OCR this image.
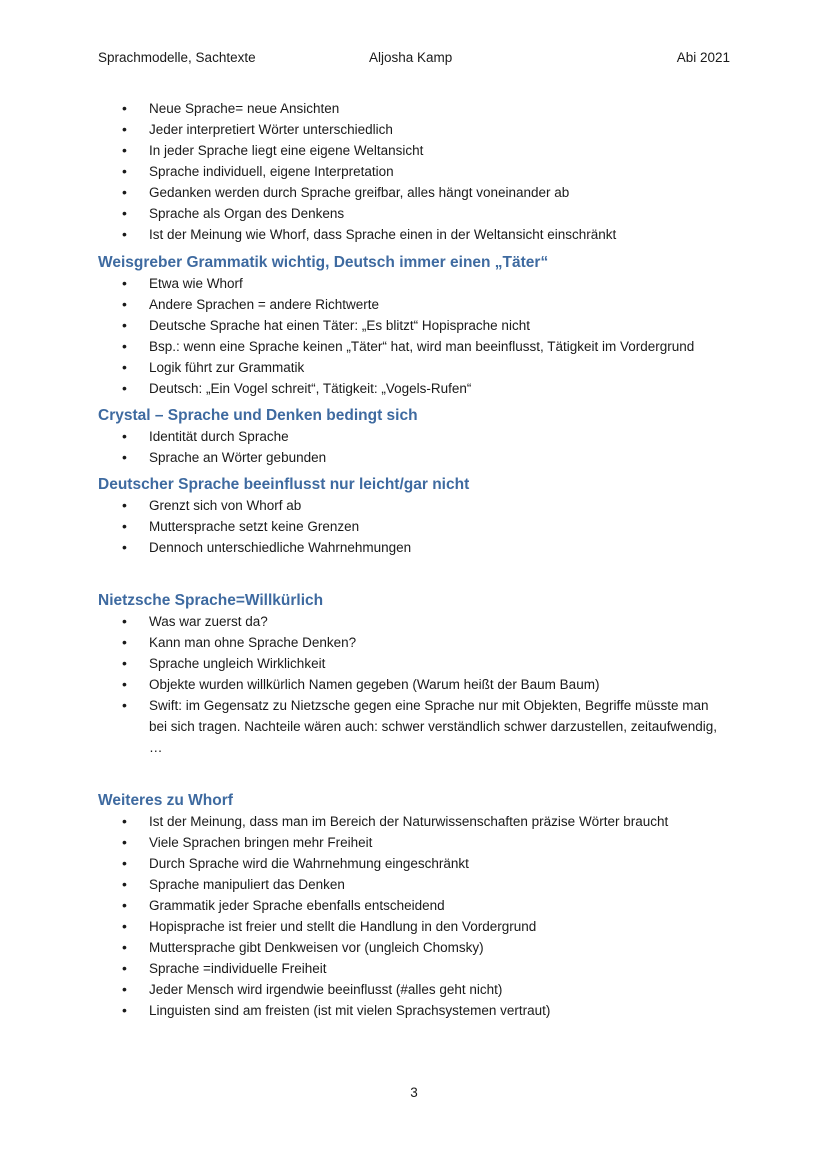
Sprachmodelle, Sachtexte	Aljosha Kamp	Abi 2021
• Neue Sprache= neue Ansichten
• Jeder interpretiert Wörter unterschiedlich
• In jeder Sprache liegt eine eigene Weltansicht
• Sprache individuell, eigene Interpretation
• Gedanken werden durch Sprache greifbar, alles hängt voneinander ab
• Sprache als Organ des Denkens
• Ist der Meinung wie Whorf, dass Sprache einen in der Weltansicht einschränkt
Weisgreber Grammatik wichtig, Deutsch immer einen „Täter“
• Etwa wie Whorf
• Andere Sprachen = andere Richtwerte
• Deutsche Sprache hat einen Täter: „Es blitzt“ Hopisprache nicht
• Bsp.: wenn eine Sprache keinen „Täter“ hat, wird man beeinflusst, Tätigkeit im Vordergrund
• Logik führt zur Grammatik
• Deutsch: „Ein Vogel schreit“, Tätigkeit: „Vogels-Rufen“
Crystal – Sprache und Denken bedingt sich
• Identität durch Sprache
• Sprache an Wörter gebunden
Deutscher Sprache beeinflusst nur leicht/gar nicht
• Grenzt sich von Whorf ab
• Muttersprache setzt keine Grenzen
• Dennoch unterschiedliche Wahrnehmungen
Nietzsche Sprache=Willkürlich
• Was war zuerst da?
• Kann man ohne Sprache Denken?
• Sprache ungleich Wirklichkeit
• Objekte wurden willkürlich Namen gegeben (Warum heißt der Baum Baum)
• Swift: im Gegensatz zu Nietzsche gegen eine Sprache nur mit Objekten, Begriffe müsste man bei sich tragen. Nachteile wären auch: schwer verständlich schwer darzustellen, zeitaufwendig, …
Weiteres zu Whorf
• Ist der Meinung, dass man im Bereich der Naturwissenschaften präzise Wörter braucht
• Viele Sprachen bringen mehr Freiheit
• Durch Sprache wird die Wahrnehmung eingeschränkt
• Sprache manipuliert das Denken
• Grammatik jeder Sprache ebenfalls entscheidend
• Hopisprache ist freier und stellt die Handlung in den Vordergrund
• Muttersprache gibt Denkweisen vor (ungleich Chomsky)
• Sprache =individuelle Freiheit
• Jeder Mensch wird irgendwie beeinflusst (#alles geht nicht)
• Linguisten sind am freisten (ist mit vielen Sprachsystemen vertraut)
3
